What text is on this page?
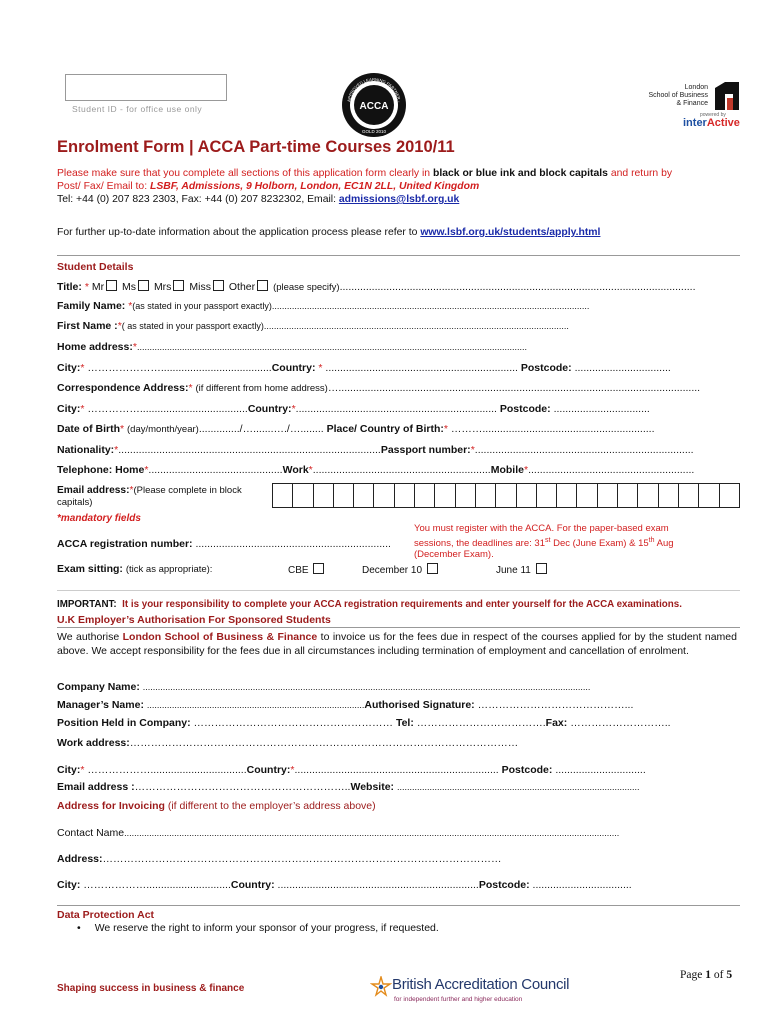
Student ID - for office use only	ACCA
APPROVED LEARNING PARTNER -
GOLD 2010
London
School of Business
& Finance
powered by
interActive
Enrolment Form | ACCA Part-time Courses 2010/11
Please make sure that you complete all sections of this application form clearly in black or blue ink and block capitals and return by
Post/ Fax/ Email to: LSBF, Admissions, 9 Holborn, London, EC1N 2LL, United Kingdom
Tel: +44 (0) 207 823 2303, Fax: +44 (0) 207 8232302, Email: admissions@lsbf.org.uk
For further up-to-date information about the application process please refer to www.lsbf.org.uk/students/apply.html
Student Details
Title: * Mr Ms Mrs Miss Other (please specify)..........................................................................................................................
Family Name: *(as stated in your passport exactly)...............................................................................................................................
First Name :*( as stated in your passport exactly)..........................................................................................................................
Home address:*............................................................................................................................................................
City:* …………………......................................Country: * .................................................................. Postcode: .................................
Correspondence Address:* (if different from home address)…............................................................................................................................
City:* …………….....................................Country:*..................................................................... Postcode: .................................
Date of Birth* (day/month/year)............../….......…./…........ Place/ Country of Birth:* ………...........................................................
Nationality:*..........................................................................................Passport number:*...........................................................................
Telephone: Home*..............................................Work*.............................................................Mobile*.........................................................
Email address:*(Please complete in block capitals)
*mandatory fields
You must register with the ACCA. For the paper-based exam
sessions, the deadlines are: 31st Dec (June Exam) & 15th Aug
(December Exam).
ACCA registration number: ...................................................................
Exam sitting: (tick as appropriate):	CBE	December 10	June 11
IMPORTANT: It is your responsibility to complete your ACCA registration requirements and enter yourself for the ACCA examinations.
U.K Employer’s Authorisation For Sponsored Students
We authorise London School of Business & Finance to invoice us for the fees due in respect of the courses applied for by the student named above. We accept responsibility for the fees due in all circumstances including termination of employment and cancellation of enrolment.
Company Name: ...................................................................................................................................................................................
Manager’s Name: .......................................................................................Authorised Signature: ……………………………………...
Position Held in Company: ………………………………………………… Tel: ……………………………….Fax: ………………………..
Work address:…………………………………………………………………………………………………
City:* ……………….................................Country:*...................................................................... Postcode: ...............................
Email address :……………………………………………………..Website: .................................................................................................
Address for Invoicing (if different to the employer’s address above)
Contact Name......................................................................................................................................................................................................
Address:……………………………………………………………………………………………………
City: ……………….............................Country: .....................................................................Postcode: ..................................
Data Protection Act
• We reserve the right to inform your sponsor of your progress, if requested.
Page 1 of 5
Shaping success in business & finance	British Accreditation Council
for independent further and higher education
